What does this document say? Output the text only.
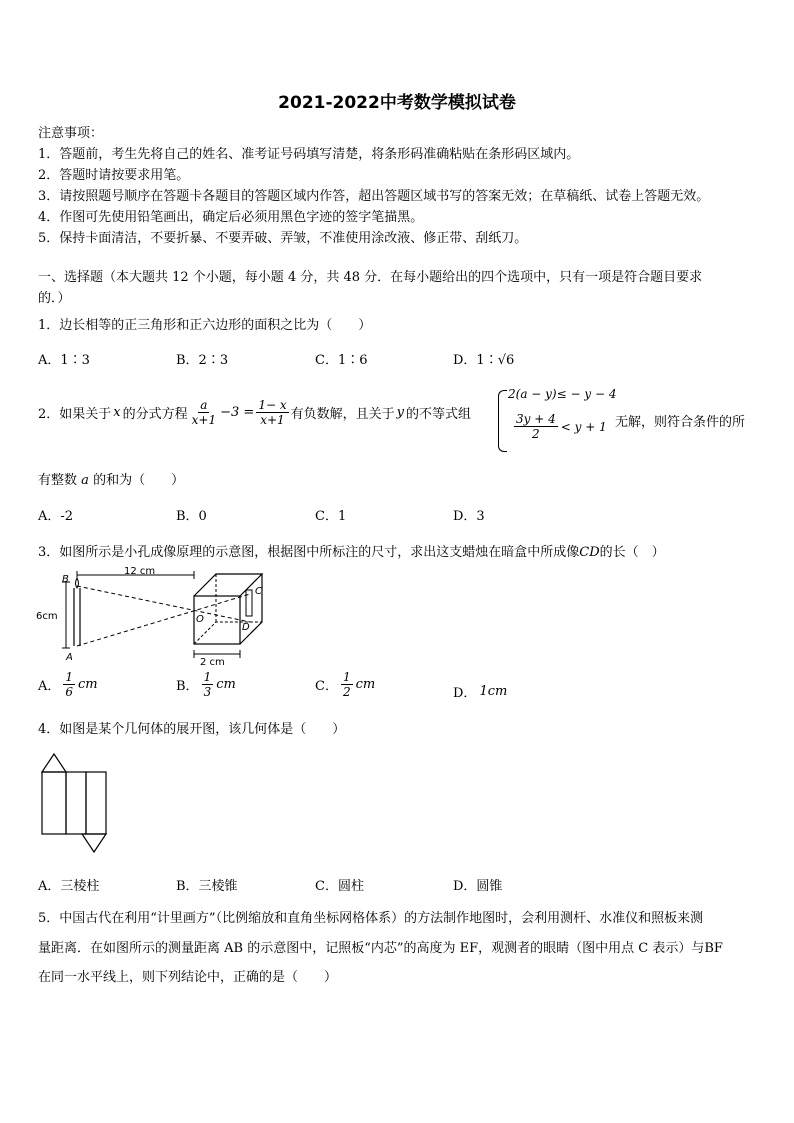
2021-2022中考数学模拟试卷
注意事项：
1．答题前，考生先将自己的姓名、准考证号码填写清楚，将条形码准确粘贴在条形码区域内。
2．答题时请按要求用笔。
3．请按照题号顺序在答题卡各题目的答题区域内作答，超出答题区域书写的答案无效；在草稿纸、试卷上答题无效。
4．作图可先使用铅笔画出，确定后必须用黑色字迹的签字笔描黑。
5．保持卡面清洁，不要折暴、不要弄破、弄皱，不准使用涂改液、修正带、刮纸刀。
一、选择题（本大题共 12 个小题，每小题 4 分，共 48 分．在每小题给出的四个选项中，只有一项是符合题目要求
的．）
1．边长相等的正三角形和正六边形的面积之比为（　　）
A．1∶3	B．2∶3	C．1∶6	D．1∶√6
2．如果关于 x 的分式方程 $\frac{a}{x+1} -3 = \frac{1- x}{x+1}$ 有负数解，且关于 y 的不等式组
2(a − y)≤ − y − 4
$\frac{3y + 4}{2} < y + 1$ 无解，则符合条件的所
有整数 a 的和为（　　）
A．-2	B．0	C．1	D．3
3．如图所示是小孔成像原理的示意图，根据图中所标注的尺寸，求出这支蜡烛在暗盒中所成像CD的长（　）
B
A
6cm
12 cm
2 cm
O
C
D
A． $\frac{1}{6}$ cm	B． $\frac{1}{3}$ cm	C． $\frac{1}{2}$ cm
D． 1cm
4．如图是某个几何体的展开图，该几何体是（　　）
A．三棱柱	B．三棱锥	C．圆柱	D．圆锥
5．中国古代在利用“计里画方”（比例缩放和直角坐标网格体系）的方法制作地图时，会利用测杆、水准仪和照板来测
量距离．在如图所示的测量距离 AB 的示意图中，记照板“内芯”的高度为 EF，观测者的眼睛（图中用点 C 表示）与BF
在同一水平线上，则下列结论中，正确的是（　　）
